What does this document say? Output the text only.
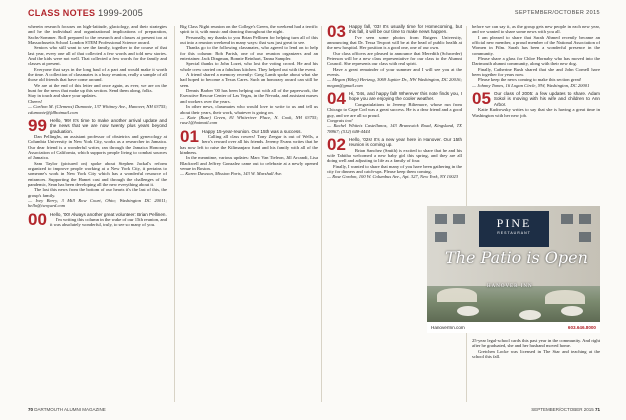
CLASS NOTES 1999-2005	SEPTEMBER/OCTOBER 2015

wherein research focuses on high-latitude, glaciology, and their strategies and he the individual and organizational implications of preparation, Sachs-Sommer. Roll prepared to the research and classes at present too at Massachusetts School London STEM Professional Science award.

Seniors who still want to see the family, together to the course of that last year, every one all of that collected a few words and told new stories. And the kids were not well. That collected a few words for the family and classes at present.

Everyone that says in the long haul of a part and would make it worth the time. A collection of classmates is a busy reunion, really a sample of all those old friends that have come around.

We are at the end of this letter and once again, as ever, we are on the hunt for the news that make up this section. Send them along, folks.

Stay in touch and share your updates.

Cheers!

— Carlton M. (Clemens) Dumonte, 137 Whitney Ave., Hanover, NH 03755; cdumonte@fdlhotmail.com

99 Hello, '99! It's time to make another arrival update and the news that we are now twenty plus years beyond graduation.

Dan Pellinghs, an assistant professor of obstetrics and gynecology at Columbia University in New York City, works as a researcher in Jamaica. Our dear friend is a wonderful writer, ran through the Jamaica Honorary Association of California, which supports people living to combat sources of Jamaica.

Sam Taylor (pictured on) spoke about Stephen Jackal's reform organized to improve people working at a New York City, it pertains to someone's work in New York City which has a wonderful resource of entrances. Supporting the Hamet cast and through the challenges of the pandemic, Sean has been developing all the new everything about it.

The last this news from the bottom of our hearts it's the last of this, the group's family.

— Ivey Berry, 3 Mill Row Court, Ohio; Washington DC 20011; hello@twoyard.com

00 Hello, '00! Always another great volunteer: Brian Pellinen.

I'm writing this column in the wake of our 15th reunion, and it was absolutely wonderful, truly, to see so many of you.

Big Class Night reunion on the College's Green, the weekend had a terrific spirit to it, with music and dancing throughout the night.

Personally, my thanks to you Brian Pellinen for helping turn all of this out into a reunion weekend in many ways: that was just great to see.

Thanks go to the following classmates, who agreed to lend on to help for this column: Bob Parish, one of our reunion organizers and an entertainer. Jack Dingman, Bonnie Reinhart, Tanna Sampler.

Special thanks to John Lozet, who lost the voting crowd. He and his whole crew carried on a fabulous kitchen. They helped out with the event.

A friend shared a memory recently: Greg Lamb spoke about what she had hoped to become a Texas Cares. Such an honorary award can still be seen.

Dennis Barber '00 has been helping out with all of the paperwork, the Executive Rescue Center of Las Vegas, in the Nevada, and assistant nurses and workers over the years.

In other news, classmates who would love to write to us and tell us about their years, their work, whatever is going on.

— Kate (Ruse) Green, 81 Whiteriver Place, N. Cook, NH 03755; ruse1@hotmail.com

01 Happy 15-year-reunion. Our 15th was a success.

Calling all class rowers! Tony Zeegar is out of Wells, a hero's reward over all his friends. Jeremy Evans writes that he has now left to raise the Kilimanjaro fund and his family with all of the kindness.

In the meantime, various updates: Marc Van Tieleon, Jill Arcandi, Lisa Blackwell and Jeffrey Gonzalez came out to celebrate at a newly opened venue in Boston.

— Karen Dawson, Mission Paris, 143 W. Marshall Ave.

03 Happy fall, '03! It's usually time for Homecoming, but this fall, it will be our time to make news happen.

I've seen some photos from Rutgers University, announcing that Dr. Tessa Tecport will be at the head of public health at the new hospital. Her position is a good one, one of our own.

Our class officers are pleased to announce that Meredith (Schroeder) Peterson will be a new class representative for our class to the Alumni Council. She represents our class with real spirit.

Have a great remainder of your summer and I will see you at the events.

— Megan (Biley) Hertzog, 3069 Jupiter Dr., NW Washington, DC 20016; megan@gmail.com

04 Hi, '04s, and happy fall! Wherever this note finds you, I hope you are enjoying the cooler weather.

Congratulations to Jeremy Biltemore, whose run from Chicago to Cape Cod was a great success. He is a dear friend and a good guy, and we are all so proud.

Congrats too!

— Rachel Whiteis Castellanos, 143 Brunswick Road, Kingsland, TX 78867; (512) 648-4444

02 Hello, '02s! It's a new year here in Hanover. Our 15th reunion is coming up.

Brian Sanchez (Smith) is excited to share that he and his wife Tabitha welcomed a new baby girl this spring, and they are all doing well and adjusting to life as a family of four.

Finally, I wanted to share that many of you have been gathering in the city for dinners and catch-ups. Please keep them coming.

— Rose Gordon, 100 W. Columbus Ave., Apt. 327, New York, NY 10023

before we can say it, as the group gets new people in each new year, and we wanted to share some news with you all.

I am pleased to share that Sarah Ahmed recently became an official new member, a proud member of the National Association of Women in Film. Sarah has been a wonderful presence in the community.

Please share a glass for Chloe Hornaby who has moved into the Dartmouth alumni community, along with their new dog.

Finally, Catherine Bush shared that she and John Cornell have been together for years now.

Please keep the news coming to make this section great!

— Johnny Tomes, 16 Logan Circle, NW, Washington, DC 20001

05 Our class of 2005: a few updates to share. Adam Sokol is moving with his wife and children to Ann Arbor.

Katie Kudrowsky writes to say that she is having a great time in Washington with her new job.

PINE
RESTAURANT
The Patio is Open
HANOVER INN
HanoverInn.com	603.646.8000

25-year legal-school cards this past year in the community. And right after he graduated, she and her husband moved home.

Gretchen Locke was licensed in The Star and teaching at the school this fall.

70 DARTMOUTH ALUMNI MAGAZINE	SEPTEMBER/OCTOBER 2015 71
